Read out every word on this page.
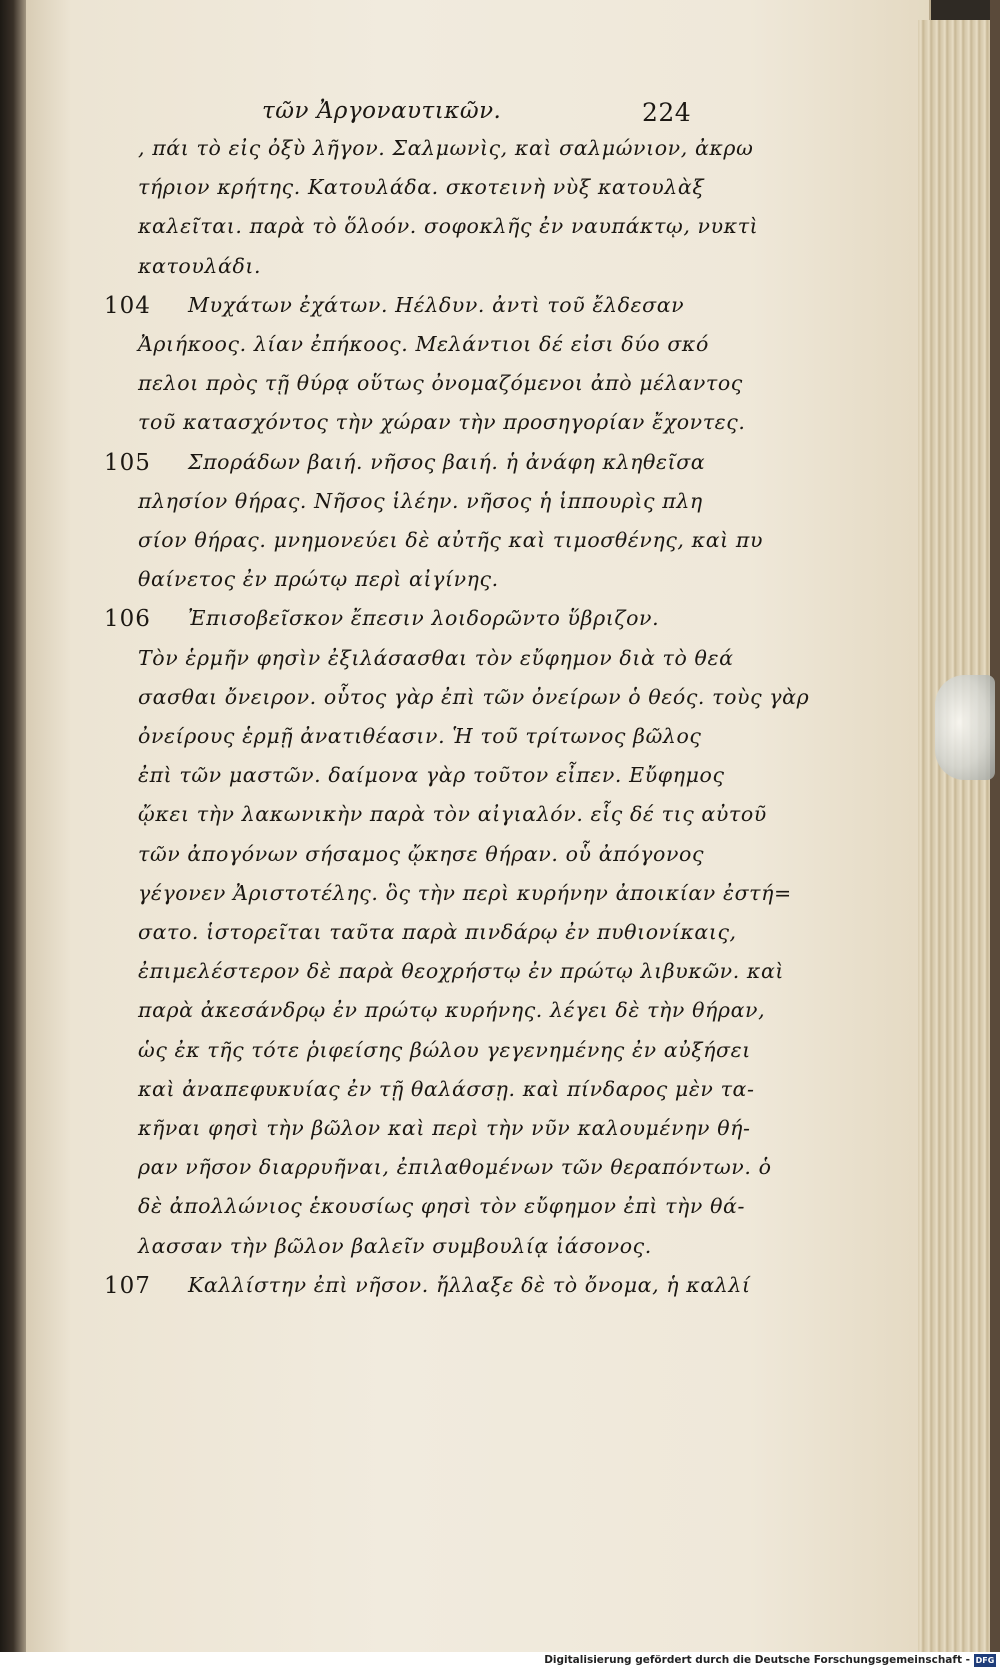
τῶν Ἀργοναυτικῶν.	224
, πάι τὸ εἰς ὀξὺ λῆγον. Σαλμωνὶς, καὶ σαλμώνιον, ἀκρω
τήριον κρήτης. Κατουλάδα. σκοτεινὴ νὺξ κατουλὰξ
καλεῖται. παρὰ τὸ ὅλοόν. σοφοκλῆς ἐν ναυπάκτῳ, νυκτὶ
κατουλάδι.
104 Μυχάτων ἐχάτων. Ηέλδυν. ἀντὶ τοῦ ἔλδεσαν
Ἀριήκοος. λίαν ἐπήκοος. Μελάντιοι δέ εἰσι δύο σκό
πελοι πρὸς τῇ θύρᾳ οὕτως ὀνομαζόμενοι ἀπὸ μέλαντος
τοῦ κατασχόντος τὴν χώραν τὴν προσηγορίαν ἔχοντες.
105 Σποράδων βαιή. νῆσος βαιή. ἡ ἀνάφη κληθεῖσα
πλησίον θήρας. Νῆσος ἱλέην. νῆσος ἡ ἱππουρὶς πλη
σίον θήρας. μνημονεύει δὲ αὐτῆς καὶ τιμοσθένης, καὶ πυ
θαίνετος ἐν πρώτῳ περὶ αἰγίνης.
106 Ἐπισοβεῖσκον ἔπεσιν λοιδορῶντο ὕβριζον.
Τὸν ἑρμῆν φησὶν ἐξιλάσασθαι τὸν εὔφημον διὰ τὸ θεά
σασθαι ὄνειρον. οὗτος γὰρ ἐπὶ τῶν ὀνείρων ὁ θεός. τοὺς γὰρ
ὀνείρους ἑρμῇ ἀνατιθέασιν. Ἡ τοῦ τρίτωνος βῶλος
ἐπὶ τῶν μαστῶν. δαίμονα γὰρ τοῦτον εἶπεν. Εὔφημος
ᾤκει τὴν λακωνικὴν παρὰ τὸν αἰγιαλόν. εἷς δέ τις αὐτοῦ
τῶν ἀπογόνων σήσαμος ᾤκησε θήραν. οὗ ἀπόγονος
γέγονεν Ἀριστοτέλης. ὃς τὴν περὶ κυρήνην ἀποικίαν ἐστή=
σατο. ἱστορεῖται ταῦτα παρὰ πινδάρῳ ἐν πυθιονίκαις,
ἐπιμελέστερον δὲ παρὰ θεοχρήστῳ ἐν πρώτῳ λιβυκῶν. καὶ
παρὰ ἀκεσάνδρῳ ἐν πρώτῳ κυρήνης. λέγει δὲ τὴν θήραν,
ὡς ἐκ τῆς τότε ῥιφείσης βώλου γεγενημένης ἐν αὐξήσει
καὶ ἀναπεφυκυίας ἐν τῇ θαλάσσῃ. καὶ πίνδαρος μὲν τα-
κῆναι φησὶ τὴν βῶλον καὶ περὶ τὴν νῦν καλουμένην θή-
ραν νῆσον διαρρυῆναι, ἐπιλαθομένων τῶν θεραπόντων. ὁ
δὲ ἀπολλώνιος ἑκουσίως φησὶ τὸν εὔφημον ἐπὶ τὴν θά-
λασσαν τὴν βῶλον βαλεῖν συμβουλίᾳ ἰάσονος.
107 Καλλίστην ἐπὶ νῆσον. ἤλλαξε δὲ τὸ ὄνομα, ἡ καλλί
Digitalisierung gefördert durch die Deutsche Forschungsgemeinschaft - DFG
